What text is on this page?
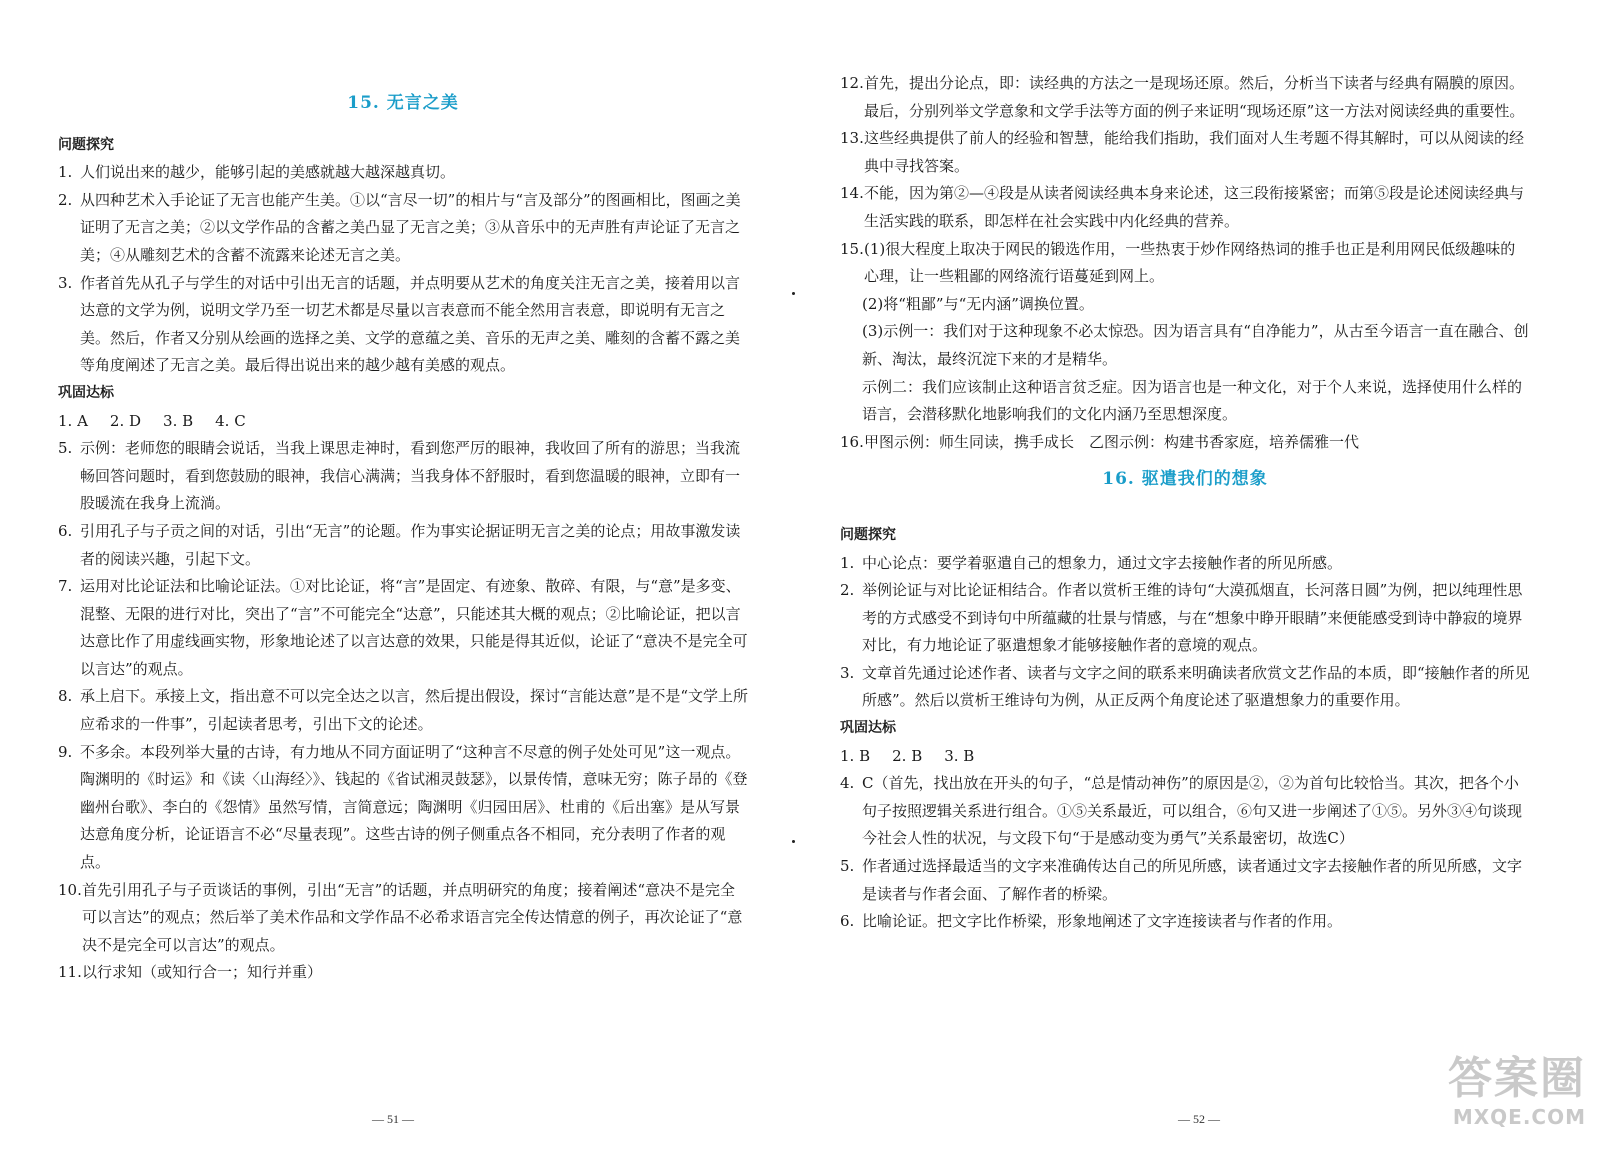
15. 无言之美
问题探究
1. 人们说出来的越少，能够引起的美感就越大越深越真切。
2. 从四种艺术入手论证了无言也能产生美。①以“言尽一切”的相片与“言及部分”的图画相比，图画之美证明了无言之美；②以文学作品的含蓄之美凸显了无言之美；③从音乐中的无声胜有声论证了无言之美；④从雕刻艺术的含蓄不流露来论述无言之美。
3. 作者首先从孔子与学生的对话中引出无言的话题，并点明要从艺术的角度关注无言之美，接着用以言达意的文学为例，说明文学乃至一切艺术都是尽量以言表意而不能全然用言表意，即说明有无言之美。然后，作者又分别从绘画的选择之美、文学的意蕴之美、音乐的无声之美、雕刻的含蓄不露之美等角度阐述了无言之美。最后得出说出来的越少越有美感的观点。
巩固达标
1. A 2. D 3. B 4. C
5. 示例：老师您的眼睛会说话，当我上课思走神时，看到您严厉的眼神，我收回了所有的游思；当我流畅回答问题时，看到您鼓励的眼神，我信心满满；当我身体不舒服时，看到您温暖的眼神，立即有一股暖流在我身上流淌。
6. 引用孔子与子贡之间的对话，引出“无言”的论题。作为事实论据证明无言之美的论点；用故事激发读者的阅读兴趣，引起下文。
7. 运用对比论证法和比喻论证法。①对比论证，将“言”是固定、有迹象、散碎、有限，与“意”是多变、混整、无限的进行对比，突出了“言”不可能完全“达意”，只能述其大概的观点；②比喻论证，把以言达意比作了用虚线画实物，形象地论述了以言达意的效果，只能是得其近似，论证了“意决不是完全可以言达”的观点。
8. 承上启下。承接上文，指出意不可以完全达之以言，然后提出假设，探讨“言能达意”是不是“文学上所应希求的一件事”，引起读者思考，引出下文的论述。
9. 不多余。本段列举大量的古诗，有力地从不同方面证明了“这种言不尽意的例子处处可见”这一观点。陶渊明的《时运》和《读〈山海经〉》、钱起的《省试湘灵鼓瑟》，以景传情，意味无穷；陈子昂的《登幽州台歌》、李白的《怨情》虽然写情，言简意远；陶渊明《归园田居》、杜甫的《后出塞》是从写景达意角度分析，论证语言不必“尽量表现”。这些古诗的例子侧重点各不相同，充分表明了作者的观点。
10. 首先引用孔子与子贡谈话的事例，引出“无言”的话题，并点明研究的角度；接着阐述“意决不是完全可以言达”的观点；然后举了美术作品和文学作品不必希求语言完全传达情意的例子，再次论证了“意决不是完全可以言达”的观点。
11. 以行求知（或知行合一；知行并重）
— 51 —
12. 首先，提出分论点，即：读经典的方法之一是现场还原。然后，分析当下读者与经典有隔膜的原因。最后，分别列举文学意象和文学手法等方面的例子来证明“现场还原”这一方法对阅读经典的重要性。
13. 这些经典提供了前人的经验和智慧，能给我们指助，我们面对人生考题不得其解时，可以从阅读的经典中寻找答案。
14. 不能，因为第②—④段是从读者阅读经典本身来论述，这三段衔接紧密；而第⑤段是论述阅读经典与生活实践的联系，即怎样在社会实践中内化经典的营养。
15. (1)很大程度上取决于网民的锻选作用，一些热衷于炒作网络热词的推手也正是利用网民低级趣味的心理，让一些粗鄙的网络流行语蔓延到网上。
(2)将“粗鄙”与“无内涵”调换位置。
(3)示例一：我们对于这种现象不必太惊恐。因为语言具有“自净能力”，从古至今语言一直在融合、创新、淘汰，最终沉淀下来的才是精华。
示例二：我们应该制止这种语言贫乏症。因为语言也是一种文化，对于个人来说，选择使用什么样的语言，会潜移默化地影响我们的文化内涵乃至思想深度。
16. 甲图示例：师生同读，携手成长　乙图示例：构建书香家庭，培养儒雅一代
16. 驱遣我们的想象
问题探究
1. 中心论点：要学着驱遣自己的想象力，通过文字去接触作者的所见所感。
2. 举例论证与对比论证相结合。作者以赏析王维的诗句“大漠孤烟直，长河落日圆”为例，把以纯理性思考的方式感受不到诗句中所蕴藏的壮景与情感，与在“想象中睁开眼睛”来便能感受到诗中静寂的境界对比，有力地论证了驱遣想象才能够接触作者的意境的观点。
3. 文章首先通过论述作者、读者与文字之间的联系来明确读者欣赏文艺作品的本质，即“接触作者的所见所感”。然后以赏析王维诗句为例，从正反两个角度论述了驱遣想象力的重要作用。
巩固达标
1. B 2. B 3. B
4. C（首先，找出放在开头的句子，“总是情动神伤”的原因是②，②为首句比较恰当。其次，把各个小句子按照逻辑关系进行组合。①⑤关系最近，可以组合，⑥句又进一步阐述了①⑤。另外③④句谈现今社会人性的状况，与文段下句“于是感动变为勇气”关系最密切，故选C）
5. 作者通过选择最适当的文字来准确传达自己的所见所感，读者通过文字去接触作者的所见所感，文字是读者与作者会面、了解作者的桥梁。
6. 比喻论证。把文字比作桥梁，形象地阐述了文字连接读者与作者的作用。
— 52 —
答案圈
MXQE.COM
